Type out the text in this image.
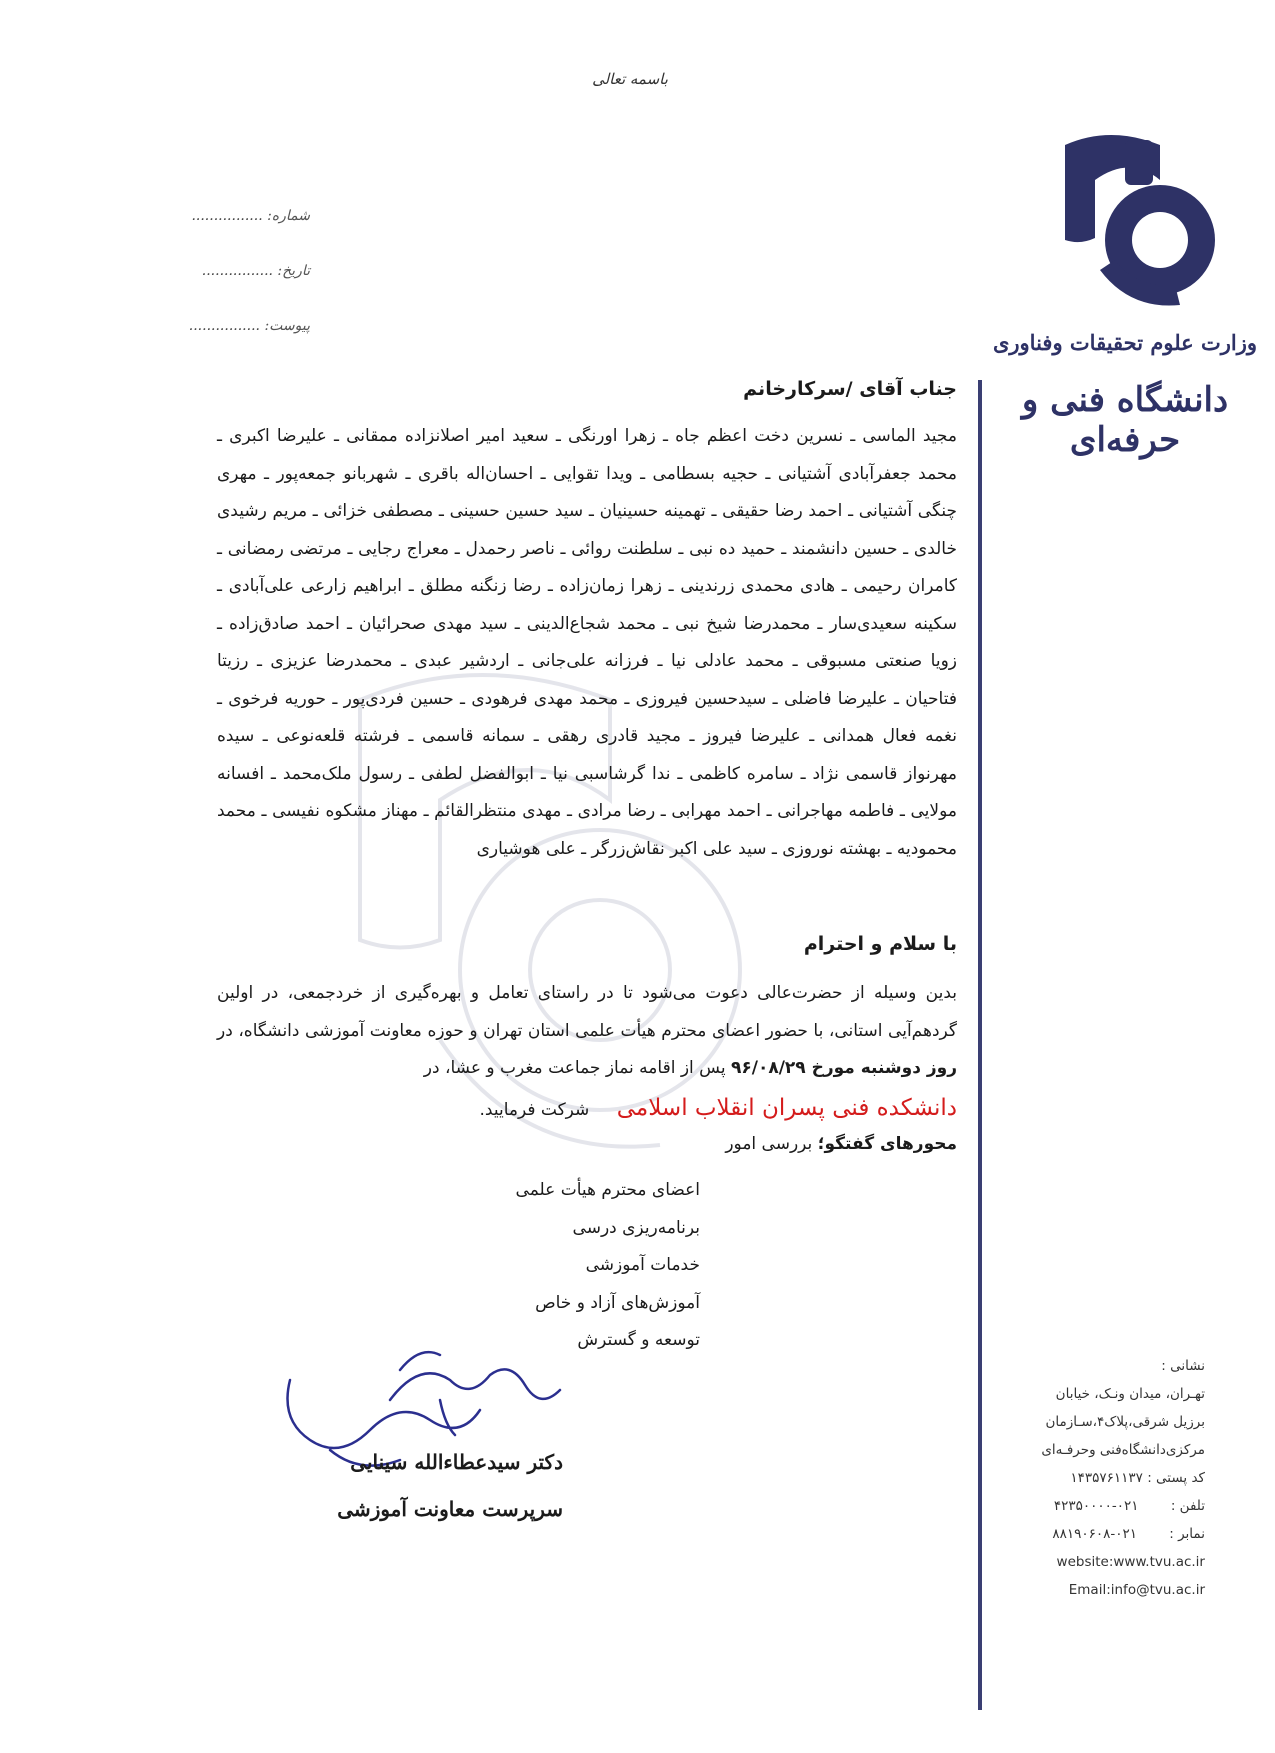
باسمه تعالی
شماره: ................
تاریخ: ................
پیوست: ................
وزارت علوم تحقیقات وفناوری
دانشگاه فنی و حرفه‌ای
جناب آقای /سرکارخانم
مجید الماسی ـ نسرین دخت اعظم جاه ـ زهرا اورنگی ـ سعید امیر اصلانزاده ممقانی ـ علیرضا اکبری ـ محمد جعفرآبادی آشتیانی ـ حجیه بسطامی ـ ویدا تقوایی ـ احسان‌اله باقری ـ شهربانو جمعه‌پور ـ مهری چنگی آشتیانی ـ احمد رضا حقیقی ـ تهمینه حسینیان ـ سید حسین حسینی ـ مصطفی خزائی ـ مریم رشیدی خالدی ـ حسین دانشمند ـ حمید ده نبی ـ سلطنت روائی ـ ناصر رحمدل ـ معراج رجایی ـ مرتضی رمضانی ـ کامران رحیمی ـ هادی محمدی زرندینی ـ زهرا زمان‌زاده ـ رضا زنگنه مطلق ـ ابراهیم زارعی علی‌آبادی ـ سکینه سعیدی‌سار ـ محمدرضا شیخ نبی ـ محمد شجاع‌الدینی ـ سید مهدی صحرائیان ـ احمد صادق‌زاده ـ زویا صنعتی مسبوقی ـ محمد عادلی نیا ـ فرزانه علی‌جانی ـ اردشیر عبدی ـ محمدرضا عزیزی ـ رزیتا فتاحیان ـ علیرضا فاضلی ـ سیدحسین فیروزی ـ محمد مهدی فرهودی ـ حسین فردی‌پور ـ حوریه فرخوی ـ نغمه فعال همدانی ـ علیرضا فیروز ـ مجید قادری رهقی ـ سمانه قاسمی ـ فرشته قلعه‌نوعی ـ سیده مهرنواز قاسمی نژاد ـ سامره کاظمی ـ ندا گرشاسبی نیا ـ ابوالفضل لطفی ـ رسول ملک‌محمد ـ افسانه مولایی ـ فاطمه مهاجرانی ـ احمد مهرابی ـ رضا مرادی ـ مهدی منتظرالقائم ـ مهناز مشکوه نفیسی ـ محمد محمودیه ـ بهشته نوروزی ـ سید علی اکبر نقاش‌زرگر ـ علی هوشیاری
با سلام و احترام
بدین وسیله از حضرت‌عالی دعوت می‌شود تا در راستای تعامل و بهره‌گیری از خردجمعی، در اولین گردهم‌آیی استانی، با حضور اعضای محترم هیأت علمی استان تهران و حوزه معاونت آموزشی دانشگاه، در روز دوشنبه مورخ ۹۶/۰۸/۲۹ پس از اقامه نماز جماعت مغرب و عشا، در
دانشکده فنی پسران انقلاب اسلامی شرکت فرمایید.
محورهای گفتگو؛ بررسی امور
اعضای محترم هیأت علمی
برنامه‌ریزی درسی
خدمات آموزشی
آموزش‌های آزاد و خاص
توسعه و گسترش
دکتر سیدعطاءالله سینایی
سرپرست معاونت آموزشی
نشانی :
تهـران، میدان ونـک، خیابان
برزیل شرقی،پلاک۴،سـازمان
مرکزی‌دانشگاه‌فنی وحرفـه‌ای
کد پستی : ۱۴۳۵۷۶۱۱۳۷
تلفن : ۰۲۱-۴۲۳۵۰۰۰۰
نمابر : ۰۲۱-۸۸۱۹۰۶۰۸
website:www.tvu.ac.ir
Email:info@tvu.ac.ir
